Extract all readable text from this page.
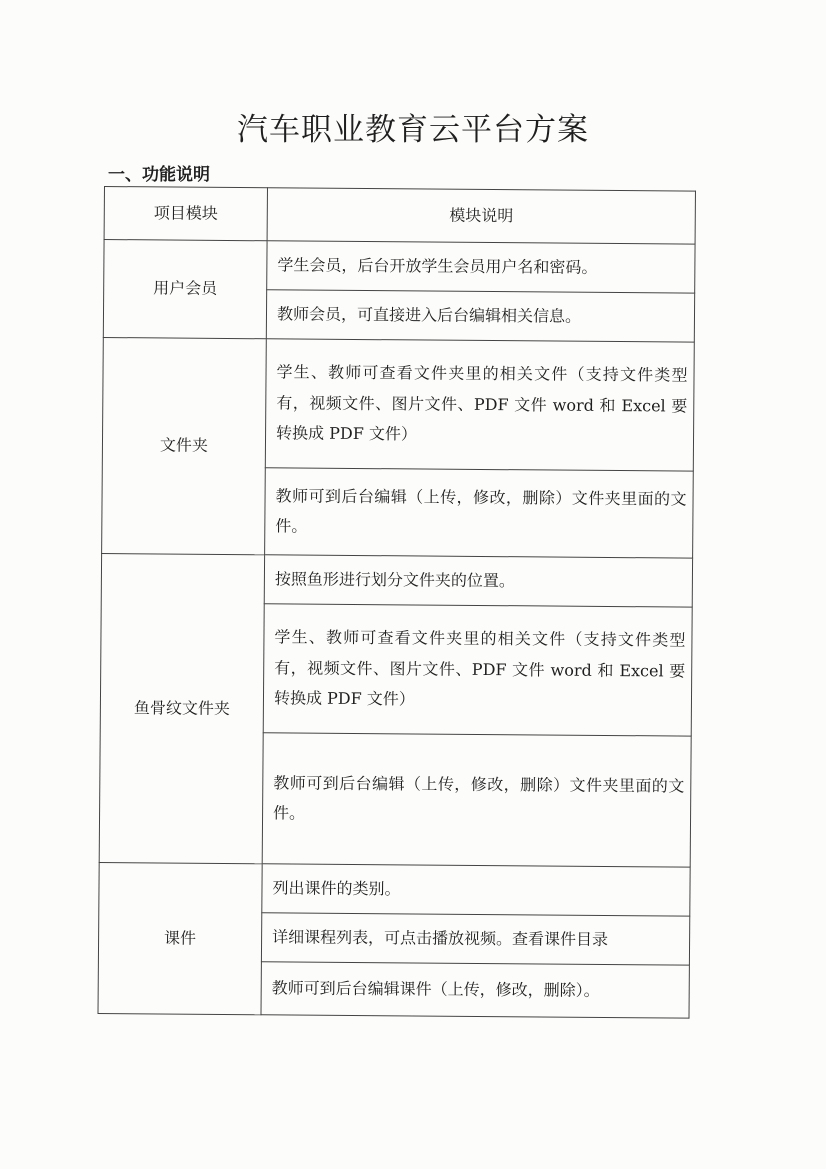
汽车职业教育云平台方案
一、功能说明
项目模块	模块说明
用户会员	学生会员，后台开放学生会员用户名和密码。
	教师会员，可直接进入后台编辑相关信息。
文件夹	学生、教师可查看文件夹里的相关文件（支持文件类型有，视频文件、图片文件、PDF 文件 word 和 Excel 要转换成 PDF 文件）
	教师可到后台编辑（上传，修改，删除）文件夹里面的文件。
鱼骨纹文件夹	按照鱼形进行划分文件夹的位置。
	学生、教师可查看文件夹里的相关文件（支持文件类型有，视频文件、图片文件、PDF 文件 word 和 Excel 要转换成 PDF 文件）
	教师可到后台编辑（上传，修改，删除）文件夹里面的文件。
课件	列出课件的类别。
	详细课程列表，可点击播放视频。查看课件目录
	教师可到后台编辑课件（上传，修改，删除）。
